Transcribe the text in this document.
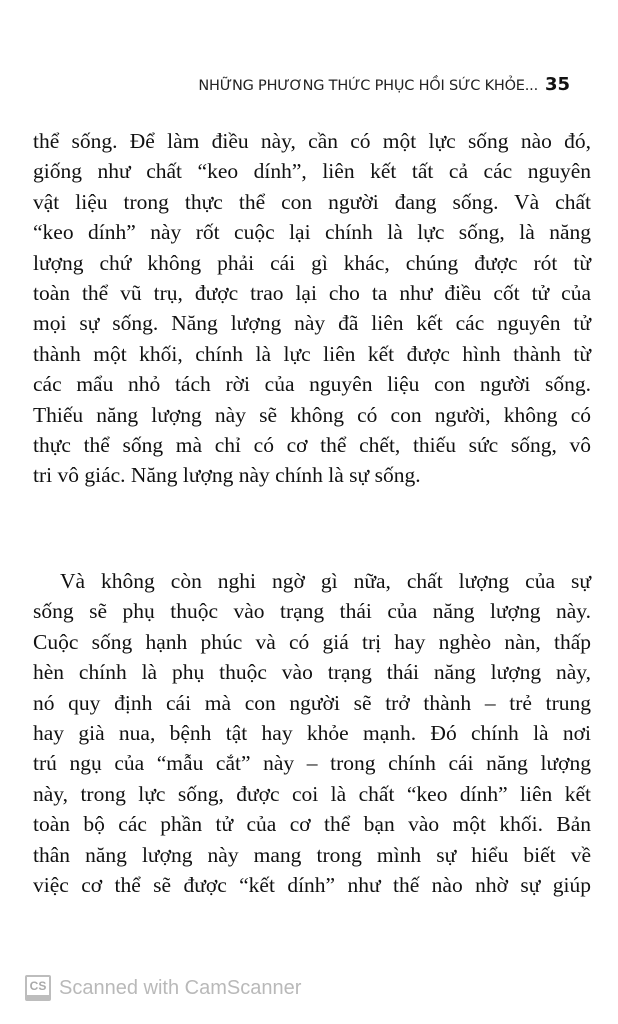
NHỮNG PHƯƠNG THỨC PHỤC HỒI SỨC KHỎE... 35
thể sống. Để làm điều này, cần có một lực sống nào đó,
giống như chất “keo dính”, liên kết tất cả các nguyên
vật liệu trong thực thể con người đang sống. Và chất
“keo dính” này rốt cuộc lại chính là lực sống, là năng
lượng chứ không phải cái gì khác, chúng được rót từ
toàn thể vũ trụ, được trao lại cho ta như điều cốt tử của
mọi sự sống. Năng lượng này đã liên kết các nguyên tử
thành một khối, chính là lực liên kết được hình thành từ
các mẩu nhỏ tách rời của nguyên liệu con người sống.
Thiếu năng lượng này sẽ không có con người, không có
thực thể sống mà chỉ có cơ thể chết, thiếu sức sống, vô
tri vô giác. Năng lượng này chính là sự sống.
Và không còn nghi ngờ gì nữa, chất lượng của sự
sống sẽ phụ thuộc vào trạng thái của năng lượng này.
Cuộc sống hạnh phúc và có giá trị hay nghèo nàn, thấp
hèn chính là phụ thuộc vào trạng thái năng lượng này,
nó quy định cái mà con người sẽ trở thành – trẻ trung
hay già nua, bệnh tật hay khỏe mạnh. Đó chính là nơi
trú ngụ của “mẫu cắt” này – trong chính cái năng lượng
này, trong lực sống, được coi là chất “keo dính” liên kết
toàn bộ các phần tử của cơ thể bạn vào một khối. Bản
thân năng lượng này mang trong mình sự hiểu biết về
việc cơ thể sẽ được “kết dính” như thế nào nhờ sự giúp
CS Scanned with CamScanner
